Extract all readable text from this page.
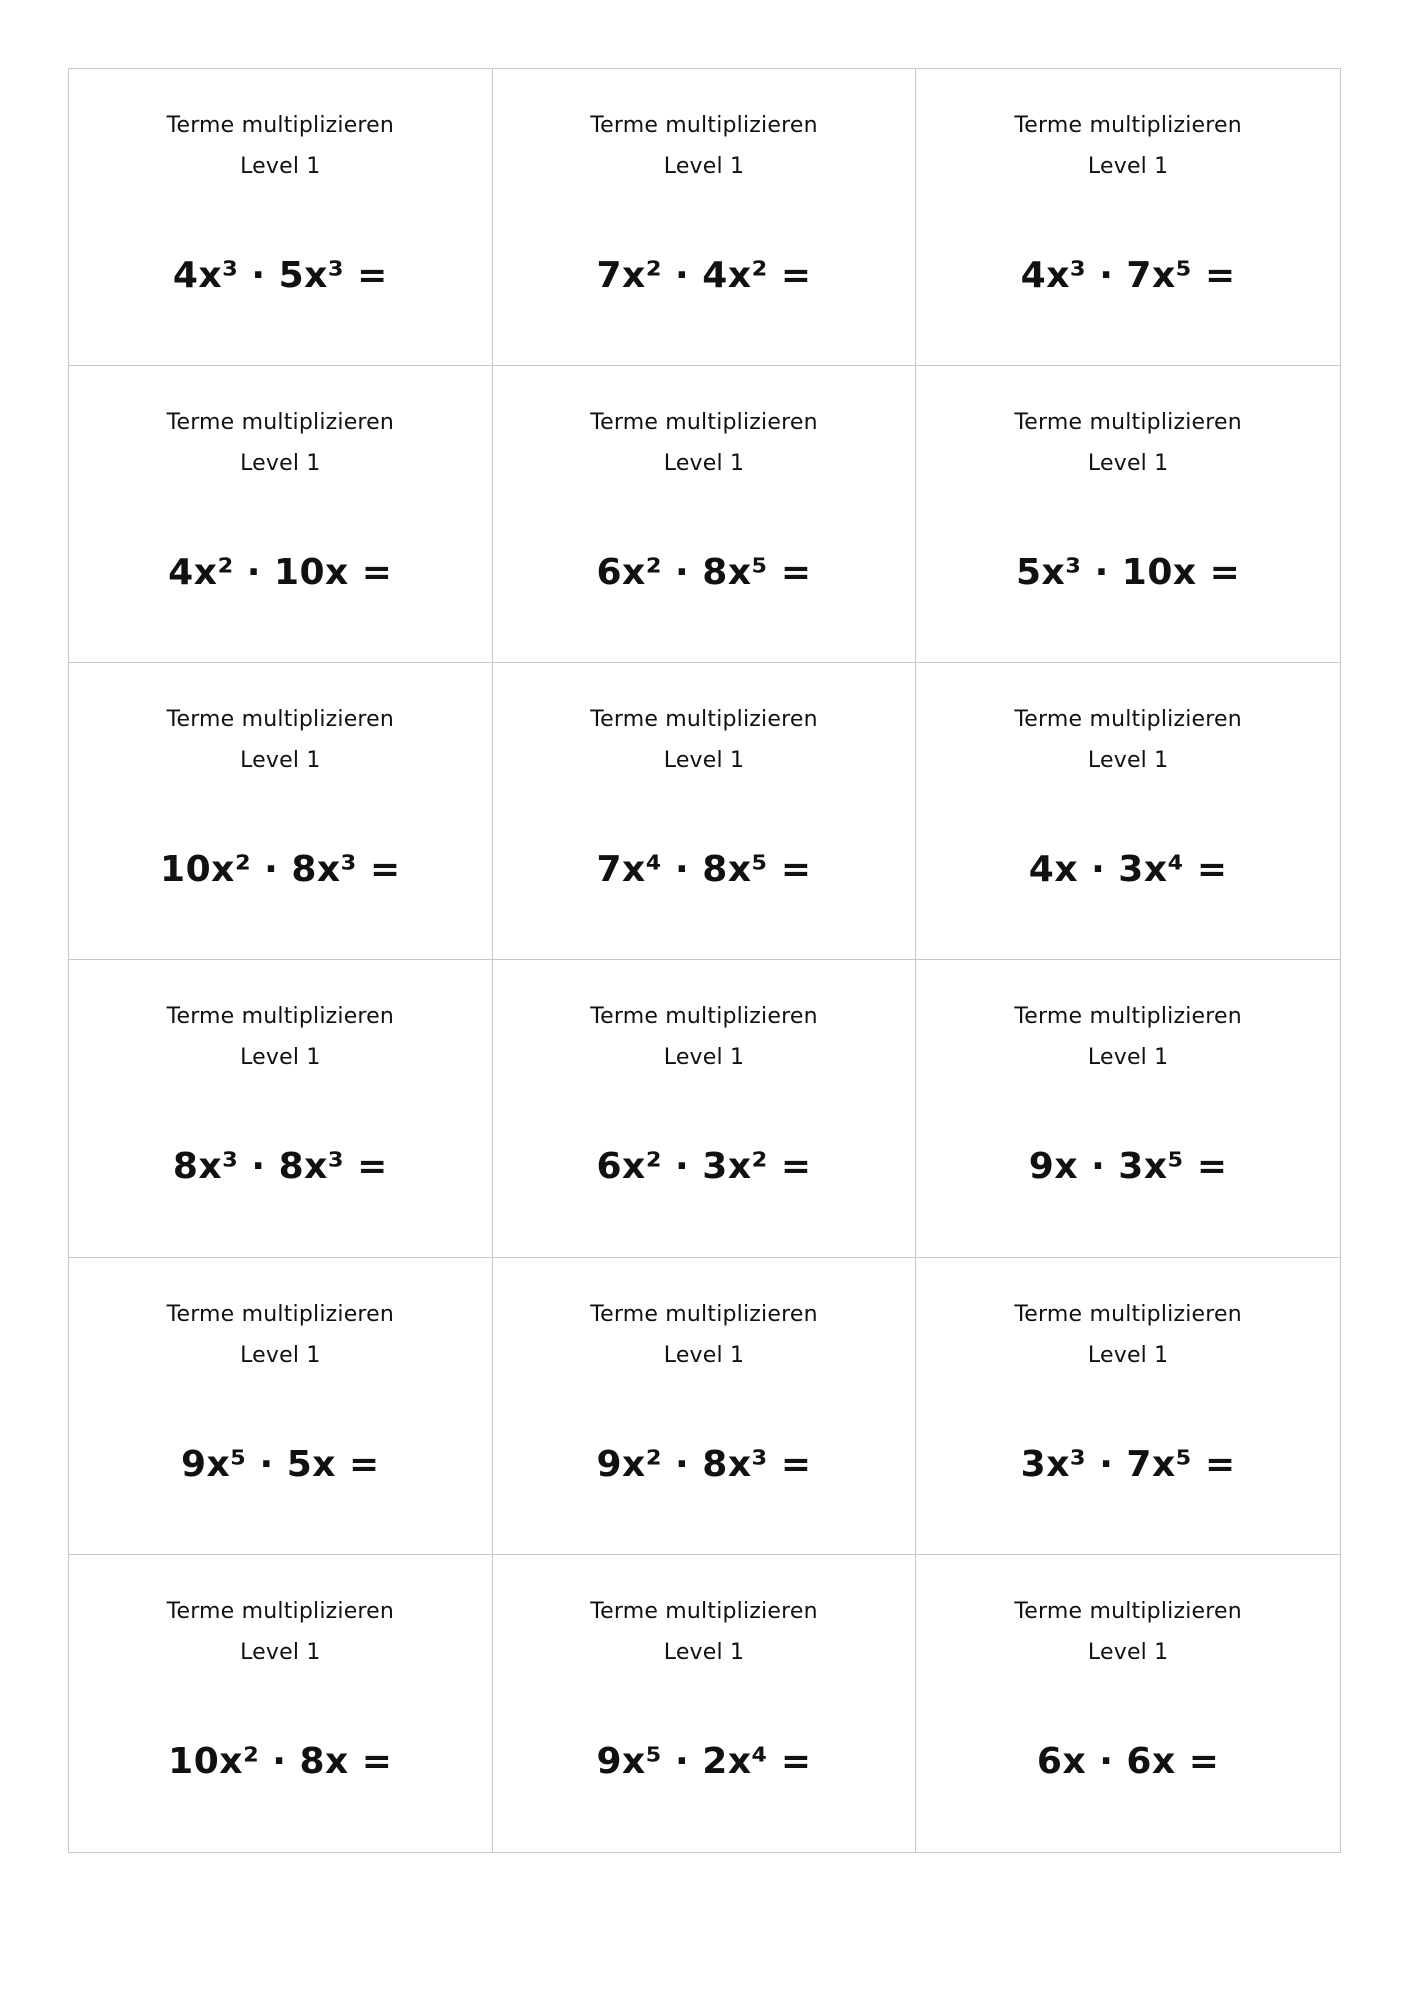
Terme multiplizieren
Level 1
4x³ · 5x³ =
Terme multiplizieren
Level 1
7x² · 4x² =
Terme multiplizieren
Level 1
4x³ · 7x⁵ =
Terme multiplizieren
Level 1
4x² · 10x =
Terme multiplizieren
Level 1
6x² · 8x⁵ =
Terme multiplizieren
Level 1
5x³ · 10x =
Terme multiplizieren
Level 1
10x² · 8x³ =
Terme multiplizieren
Level 1
7x⁴ · 8x⁵ =
Terme multiplizieren
Level 1
4x · 3x⁴ =
Terme multiplizieren
Level 1
8x³ · 8x³ =
Terme multiplizieren
Level 1
6x² · 3x² =
Terme multiplizieren
Level 1
9x · 3x⁵ =
Terme multiplizieren
Level 1
9x⁵ · 5x =
Terme multiplizieren
Level 1
9x² · 8x³ =
Terme multiplizieren
Level 1
3x³ · 7x⁵ =
Terme multiplizieren
Level 1
10x² · 8x =
Terme multiplizieren
Level 1
9x⁵ · 2x⁴ =
Terme multiplizieren
Level 1
6x · 6x =
